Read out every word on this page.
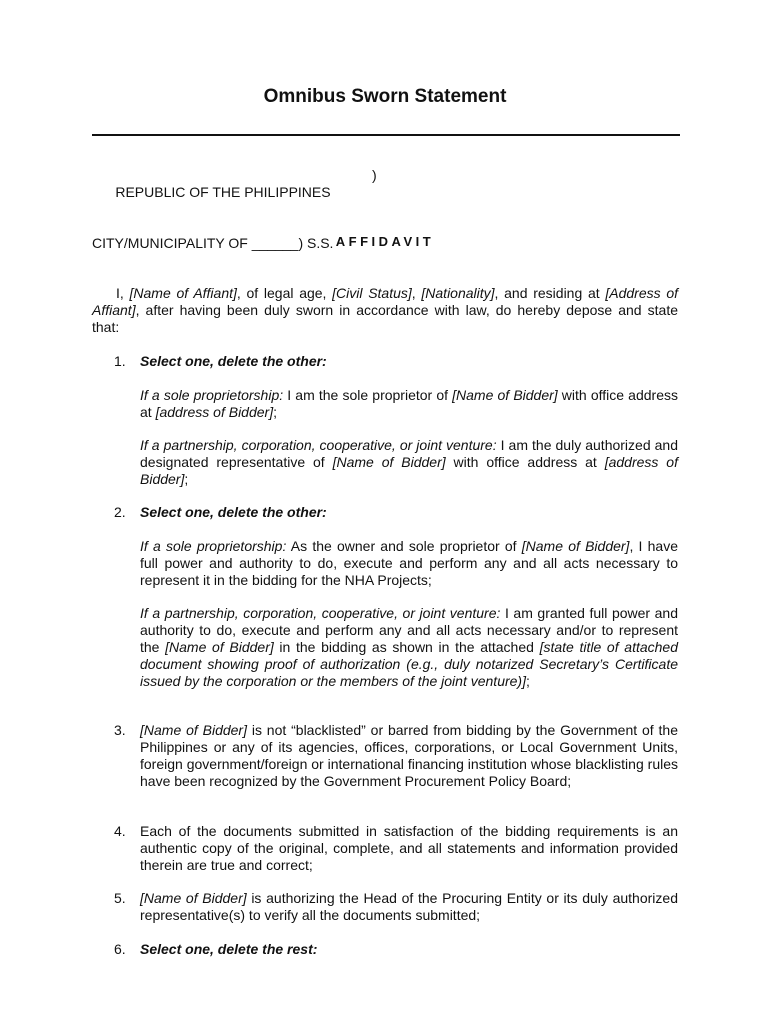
Omnibus Sworn Statement

REPUBLIC OF THE PHILIPPINES

)

CITY/MUNICIPALITY OF ______) S.S. AFFIDAVIT
I, [Name of Affiant], of legal age, [Civil Status], [Nationality], and residing at [Address of Affiant], after having been duly sworn in accordance with law, do hereby depose and state that:
1. Select one, delete the other:
If a sole proprietorship: I am the sole proprietor of [Name of Bidder] with office address at [address of Bidder];
If a partnership, corporation, cooperative, or joint venture: I am the duly authorized and designated representative of [Name of Bidder] with office address at [address of Bidder];
2. Select one, delete the other:
If a sole proprietorship: As the owner and sole proprietor of [Name of Bidder], I have full power and authority to do, execute and perform any and all acts necessary to represent it in the bidding for the NHA Projects;
If a partnership, corporation, cooperative, or joint venture: I am granted full power and authority to do, execute and perform any and all acts necessary and/or to represent the [Name of Bidder] in the bidding as shown in the attached [state title of attached document showing proof of authorization (e.g., duly notarized Secretary’s Certificate issued by the corporation or the members of the joint venture)];
3. [Name of Bidder] is not “blacklisted” or barred from bidding by the Government of the Philippines or any of its agencies, offices, corporations, or Local Government Units, foreign government/foreign or international financing institution whose blacklisting rules have been recognized by the Government Procurement Policy Board;
4. Each of the documents submitted in satisfaction of the bidding requirements is an authentic copy of the original, complete, and all statements and information provided therein are true and correct;
5. [Name of Bidder] is authorizing the Head of the Procuring Entity or its duly authorized representative(s) to verify all the documents submitted;
6. Select one, delete the rest:
